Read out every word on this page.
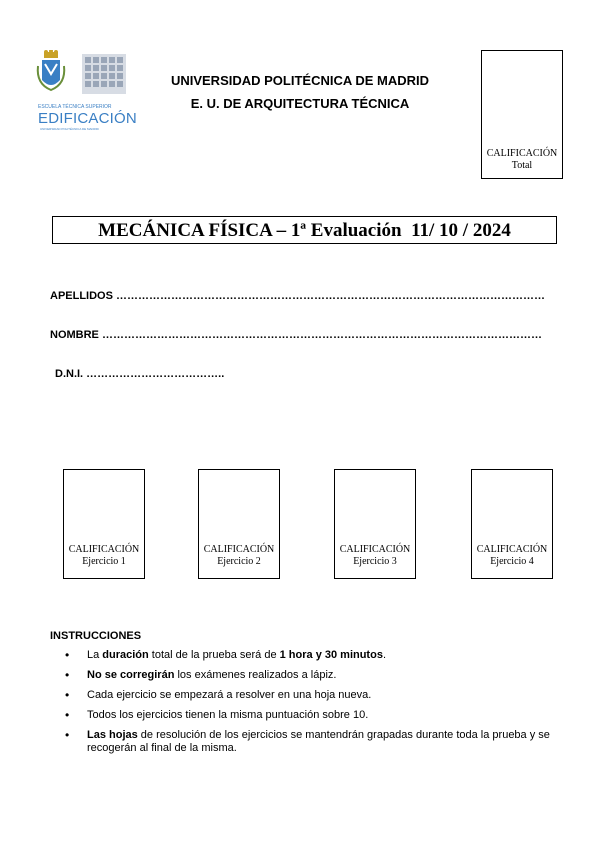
ESCUELA TÉCNICA SUPERIOR
EDIFICACIÓN
UNIVERSIDAD POLITÉCNICA DE MADRID
UNIVERSIDAD POLITÉCNICA DE MADRID
E. U. DE ARQUITECTURA TÉCNICA
CALIFICACIÓN
Total
MECÁNICA FÍSICA – 1ª Evaluación  11/ 10 / 2024
APELLIDOS ………………………………………………………………………………………………………
NOMBRE …………………………………………………………………………………………………………
D.N.I. ………………………………..
CALIFICACIÓN
Ejercicio 1
CALIFICACIÓN
Ejercicio 2
CALIFICACIÓN
Ejercicio 3
CALIFICACIÓN
Ejercicio 4
INSTRUCCIONES
• La duración total de la prueba será de 1 hora y 30 minutos.
• No se corregirán los exámenes realizados a lápiz.
• Cada ejercicio se empezará a resolver en una hoja nueva.
• Todos los ejercicios tienen la misma puntuación sobre 10.
• Las hojas de resolución de los ejercicios se mantendrán grapadas durante toda la prueba y se recogerán al final de la misma.
